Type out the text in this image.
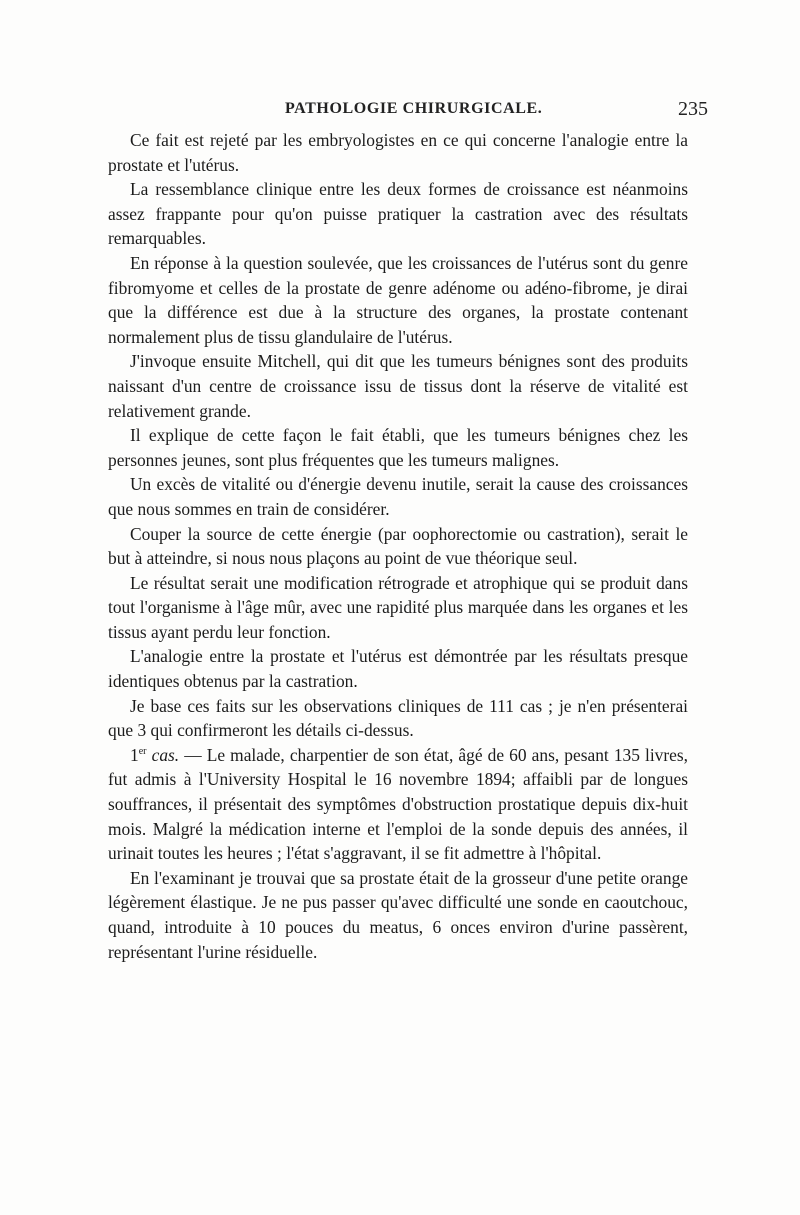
PATHOLOGIE CHIRURGICALE.	235

Ce fait est rejeté par les embryologistes en ce qui concerne l'analogie entre la prostate et l'utérus.

La ressemblance clinique entre les deux formes de croissance est néanmoins assez frappante pour qu'on puisse pratiquer la castration avec des résultats remarquables.

En réponse à la question soulevée, que les croissances de l'utérus sont du genre fibromyome et celles de la prostate de genre adénome ou adéno-fibrome, je dirai que la différence est due à la structure des organes, la prostate contenant normalement plus de tissu glandulaire de l'utérus.

J'invoque ensuite Mitchell, qui dit que les tumeurs bénignes sont des produits naissant d'un centre de croissance issu de tissus dont la réserve de vitalité est relativement grande.

Il explique de cette façon le fait établi, que les tumeurs bénignes chez les personnes jeunes, sont plus fréquentes que les tumeurs malignes.

Un excès de vitalité ou d'énergie devenu inutile, serait la cause des croissances que nous sommes en train de considérer.

Couper la source de cette énergie (par oophorectomie ou castration), serait le but à atteindre, si nous nous plaçons au point de vue théorique seul.

Le résultat serait une modification rétrograde et atrophique qui se produit dans tout l'organisme à l'âge mûr, avec une rapidité plus marquée dans les organes et les tissus ayant perdu leur fonction.

L'analogie entre la prostate et l'utérus est démontrée par les résultats presque identiques obtenus par la castration.

Je base ces faits sur les observations cliniques de 111 cas ; je n'en présenterai que 3 qui confirmeront les détails ci-dessus.

1er cas. — Le malade, charpentier de son état, âgé de 60 ans, pesant 135 livres, fut admis à l'University Hospital le 16 novembre 1894; affaibli par de longues souffrances, il présentait des symptômes d'obstruction prostatique depuis dix-huit mois. Malgré la médication interne et l'emploi de la sonde depuis des années, il urinait toutes les heures ; l'état s'aggravant, il se fit admettre à l'hôpital.

En l'examinant je trouvai que sa prostate était de la grosseur d'une petite orange légèrement élastique. Je ne pus passer qu'avec difficulté une sonde en caoutchouc, quand, introduite à 10 pouces du meatus, 6 onces environ d'urine passèrent, représentant l'urine résiduelle.
